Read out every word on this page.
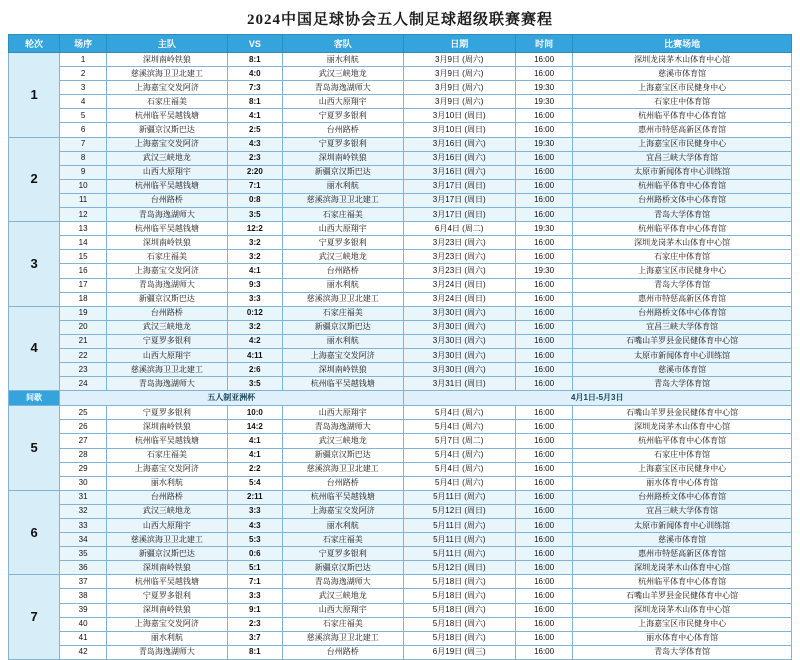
2024中国足球协会五人制足球超级联赛赛程
轮次	场序	主队	VS	客队	日期	时间	比赛场地
1	1	深圳南岭铁狼	8:1	丽水利航	3月9日 (周六)	16:00	深圳龙岗茅木山体育中心馆
	2	慈溪滨海卫卫北建工	4:0	武汉三峡地龙	3月9日 (周六)	16:00	慈溪市体育馆
	3	上海嘉宝交发阿济	7:3	青岛海逸湖师大	3月9日 (周六)	19:30	上海嘉宝区市民健身中心
	4	石家庄福美	8:1	山西大原翔宇	3月9日 (周六)	19:30	石家庄中体育馆
	5	杭州临平吴越钱塘	4:1	宁夏罗多银利	3月10日 (周日)	16:00	杭州临平体育中心体育馆
	6	新疆京汉斯巴达	2:5	台州路桥	3月10日 (周日)	16:00	惠州市特惩高新区体育馆
2	7	上海嘉宝交发阿济	4:3	宁夏罗多银利	3月16日 (周六)	19:30	上海嘉宝区市民健身中心
	8	武汉三峡地龙	2:3	深圳南岭铁狼	3月16日 (周六)	16:00	宜昌三峡大学体育馆
	9	山西大原翔宇	2:20	新疆京汉斯巴达	3月16日 (周六)	16:00	太原市新闻体育中心训练馆
	10	杭州临平吴越钱塘	7:1	丽水利航	3月17日 (周日)	16:00	杭州临平体育中心体育馆
	11	台州路桥	0:8	慈溪滨海卫卫北建工	3月17日 (周日)	16:00	台州路桥文体中心体育馆
	12	青岛海逸湖师大	3:5	石家庄福美	3月17日 (周日)	16:00	青岛大学体育馆
3	13	杭州临平吴越钱塘	12:2	山西大原翔宇	6月4日 (周二)	19:30	杭州临平体育中心体育馆
	14	深圳南岭铁狼	3:2	宁夏罗多银利	3月23日 (周六)	16:00	深圳龙岗茅木山体育中心馆
	15	石家庄福美	3:2	武汉三峡地龙	3月23日 (周六)	16:00	石家庄中体育馆
	16	上海嘉宝交发阿济	4:1	台州路桥	3月23日 (周六)	19:30	上海嘉宝区市民健身中心
	17	青岛海逸湖师大	9:3	丽水利航	3月24日 (周日)	16:00	青岛大学体育馆
	18	新疆京汉斯巴达	3:3	慈溪滨海卫卫北建工	3月24日 (周日)	16:00	惠州市特惩高新区体育馆
4	19	台州路桥	0:12	石家庄福美	3月30日 (周六)	16:00	台州路桥文体中心体育馆
	20	武汉三峡地龙	3:2	新疆京汉斯巴达	3月30日 (周六)	16:00	宜昌三峡大学体育馆
	21	宁夏罗多银利	4:2	丽水利航	3月30日 (周六)	16:00	石嘴山羊罗县金民健体育中心馆
	22	山西大原翔宇	4:11	上海嘉宝交发阿济	3月30日 (周六)	16:00	太原市新闻体育中心训练馆
	23	慈溪滨海卫卫北建工	2:6	深圳南岭铁狼	3月30日 (周六)	16:00	慈溪市体育馆
	24	青岛海逸湖师大	3:5	杭州临平吴越钱塘	3月31日 (周日)	16:00	青岛大学体育馆
间歇	五人制亚洲杯				4月1日-5月3日		
5	25	宁夏罗多银利	10:0	山西大原翔宇	5月4日 (周六)	16:00	石嘴山羊罗县金民健体育中心馆
	26	深圳南岭铁狼	14:2	青岛海逸湖师大	5月4日 (周六)	16:00	深圳龙岗茅木山体育中心馆
	27	杭州临平吴越钱塘	4:1	武汉三峡地龙	5月7日 (周二)	16:00	杭州临平体育中心体育馆
	28	石家庄福美	4:1	新疆京汉斯巴达	5月4日 (周六)	16:00	石家庄中体育馆
	29	上海嘉宝交发阿济	2:2	慈溪滨海卫卫北建工	5月4日 (周六)	16:00	上海嘉宝区市民健身中心
	30	丽水利航	5:4	台州路桥	5月4日 (周六)	16:00	丽水体育中心体育馆
6	31	台州路桥	2:11	杭州临平吴越钱塘	5月11日 (周六)	16:00	台州路桥文体中心体育馆
	32	武汉三峡地龙	3:3	上海嘉宝交发阿济	5月12日 (周日)	16:00	宜昌三峡大学体育馆
	33	山西大原翔宇	4:3	丽水利航	5月11日 (周六)	16:00	太原市新闻体育中心训练馆
	34	慈溪滨海卫卫北建工	5:3	石家庄福美	5月11日 (周六)	16:00	慈溪市体育馆
	35	新疆京汉斯巴达	0:6	宁夏罗多银利	5月11日 (周六)	16:00	惠州市特惩高新区体育馆
	36	深圳南岭铁狼	5:1	新疆京汉斯巴达	5月12日 (周日)	16:00	深圳龙岗茅木山体育中心馆
7	37	杭州临平吴越钱塘	7:1	青岛海逸湖师大	5月18日 (周六)	16:00	杭州临平体育中心体育馆
	38	宁夏罗多银利	3:3	武汉三峡地龙	5月18日 (周六)	16:00	石嘴山羊罗县金民健体育中心馆
	39	深圳南岭铁狼	9:1	山西大原翔宇	5月18日 (周六)	16:00	深圳龙岗茅木山体育中心馆
	40	上海嘉宝交发阿济	2:3	石家庄福美	5月18日 (周六)	16:00	上海嘉宝区市民健身中心
	41	丽水利航	3:7	慈溪滨海卫卫北建工	5月18日 (周六)	16:00	丽水体育中心体育馆
	42	青岛海逸湖师大	8:1	台州路桥	6月19日 (周三)	16:00	青岛大学体育馆
